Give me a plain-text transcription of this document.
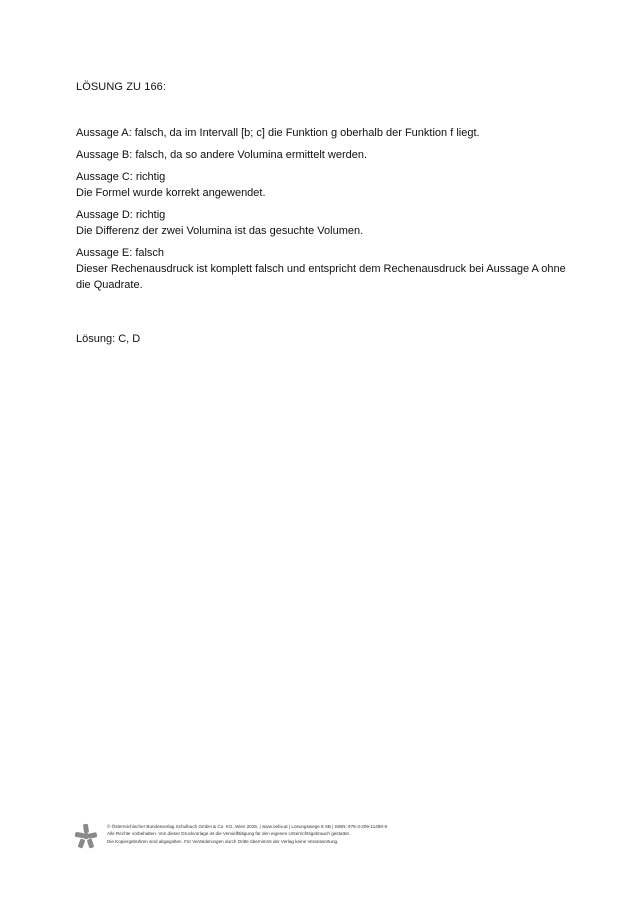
LÖSUNG ZU 166:
Aussage A: falsch, da im Intervall [b; c] die Funktion g oberhalb der Funktion f liegt.
Aussage B: falsch, da so andere Volumina ermittelt werden.
Aussage C: richtig
Die Formel wurde korrekt angewendet.
Aussage D: richtig
Die Differenz der zwei Volumina ist das gesuchte Volumen.
Aussage E: falsch
Dieser Rechenausdruck ist komplett falsch und entspricht dem Rechenausdruck bei Aussage A ohne die Quadrate.
Lösung: C, D
© Österreichischer Bundesverlag Schulbuch GmbH & Co. KG, Wien 2025. | www.oebv.at | Lösungswege 8 SB | ISBN: 978-3-209-11496-9
Alle Rechte vorbehalten. Von dieser Druckvorlage ist die Vervielfältigung für den eigenen Unterrichtsgebrauch gestattet.
Die Kopiergebühren sind abgegolten. Für Veränderungen durch Dritte übernimmt der Verlag keine Verantwortung.
